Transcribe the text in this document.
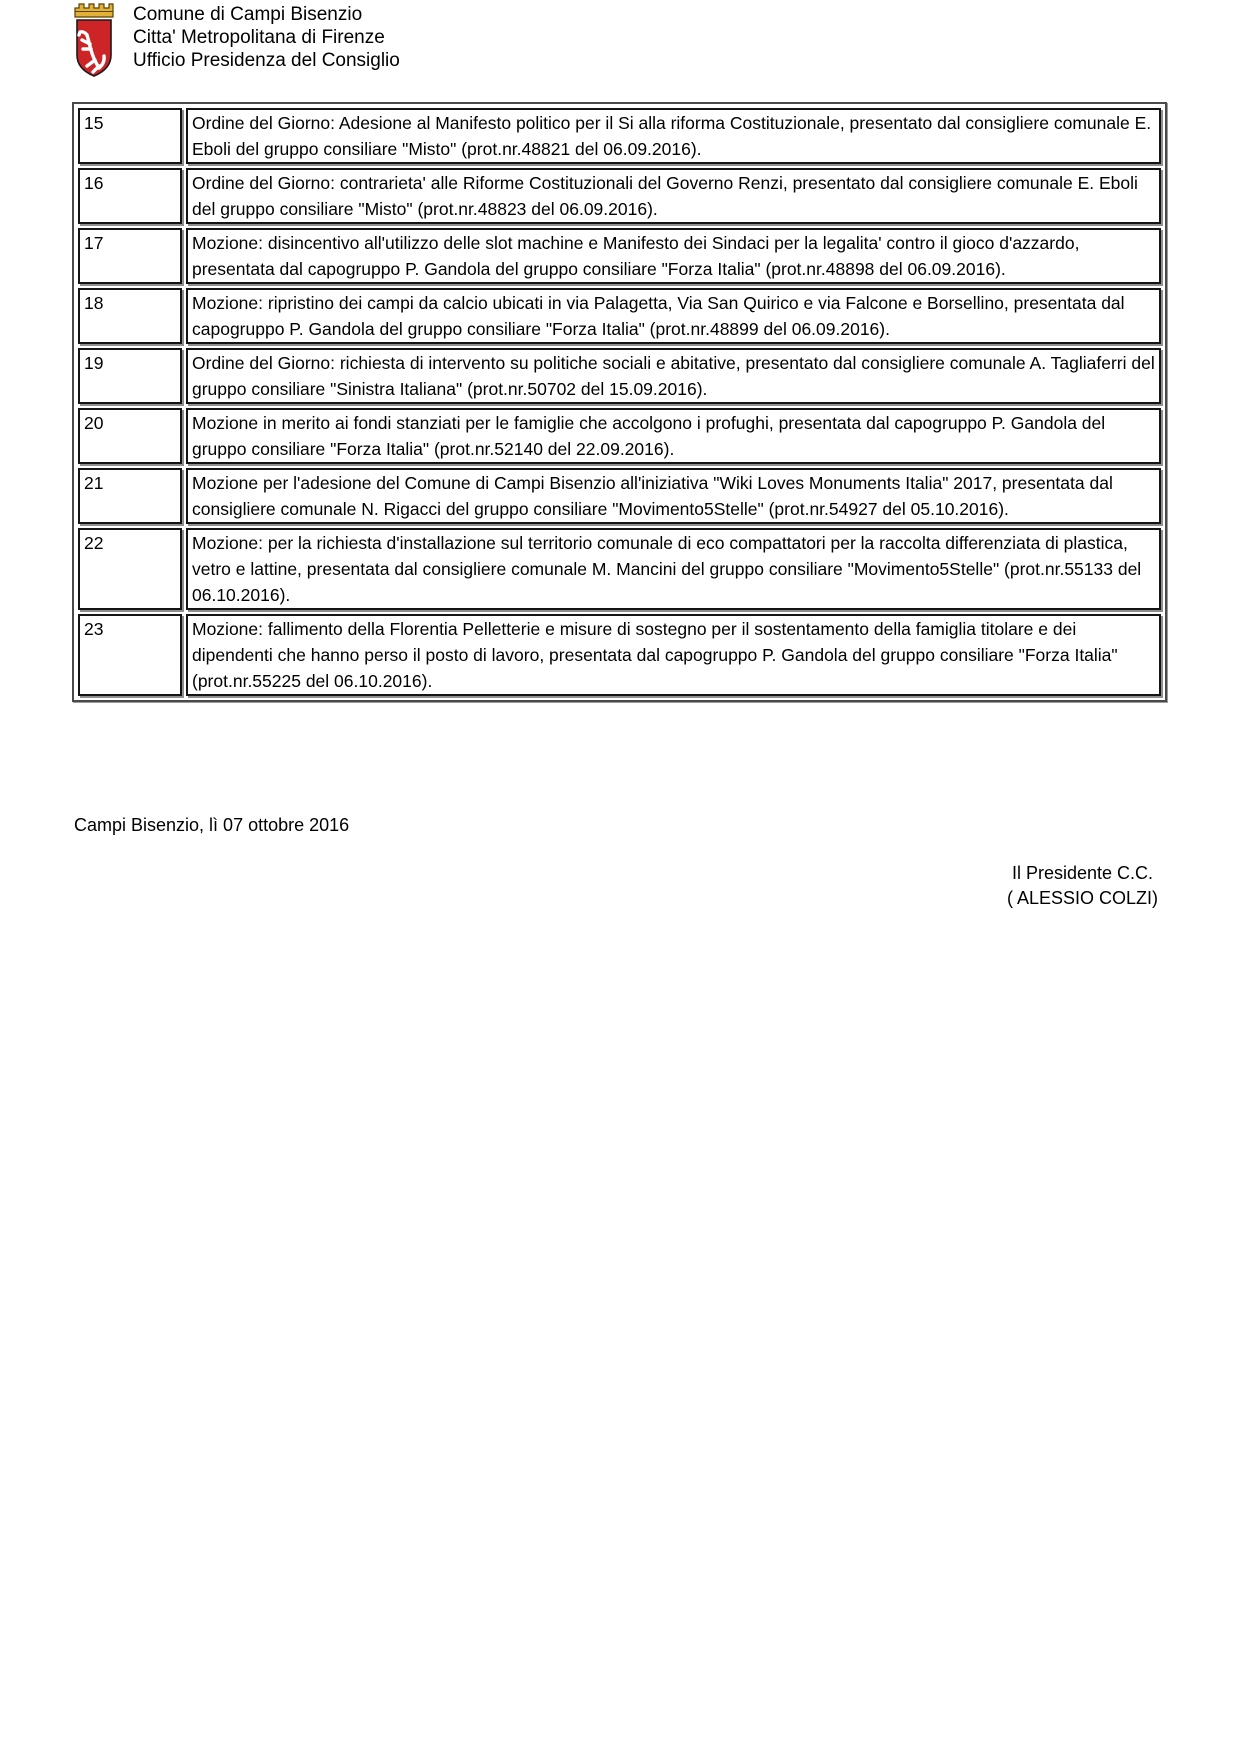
Comune di Campi Bisenzio
Citta' Metropolitana di Firenze
Ufficio Presidenza del Consiglio
15	Ordine del Giorno: Adesione al Manifesto politico per il Si alla riforma Costituzionale, presentato dal consigliere comunale E. Eboli del gruppo consiliare "Misto" (prot.nr.48821 del 06.09.2016).
16	Ordine del Giorno: contrarieta' alle Riforme Costituzionali del Governo Renzi, presentato dal consigliere comunale E. Eboli del gruppo consiliare "Misto" (prot.nr.48823 del 06.09.2016).
17	Mozione: disincentivo all'utilizzo delle slot machine e Manifesto dei Sindaci per la legalita' contro il gioco d'azzardo, presentata dal capogruppo P. Gandola del gruppo consiliare "Forza Italia" (prot.nr.48898 del 06.09.2016).
18	Mozione: ripristino dei campi da calcio ubicati in via Palagetta, Via San Quirico e via Falcone e Borsellino, presentata dal capogruppo P. Gandola del gruppo consiliare "Forza Italia" (prot.nr.48899 del 06.09.2016).
19	Ordine del Giorno: richiesta di intervento su politiche sociali e abitative, presentato dal consigliere comunale A. Tagliaferri del gruppo consiliare "Sinistra Italiana" (prot.nr.50702 del 15.09.2016).
20	Mozione in merito ai fondi stanziati per le famiglie che accolgono i profughi, presentata dal capogruppo P. Gandola del gruppo consiliare "Forza Italia" (prot.nr.52140 del 22.09.2016).
21	Mozione per l'adesione del Comune di Campi Bisenzio all'iniziativa "Wiki Loves Monuments Italia" 2017, presentata dal consigliere comunale N. Rigacci del gruppo consiliare "Movimento5Stelle" (prot.nr.54927 del 05.10.2016).
22	Mozione: per la richiesta d'installazione sul territorio comunale di eco compattatori per la raccolta differenziata di plastica, vetro e lattine, presentata dal consigliere comunale M. Mancini del gruppo consiliare "Movimento5Stelle" (prot.nr.55133 del 06.10.2016).
23	Mozione: fallimento della Florentia Pelletterie e misure di sostegno per il sostentamento della famiglia titolare e dei dipendenti che hanno perso il posto di lavoro, presentata dal capogruppo P. Gandola del gruppo consiliare "Forza Italia" (prot.nr.55225 del 06.10.2016).
Campi Bisenzio, lì 07 ottobre 2016
Il Presidente C.C.
( ALESSIO COLZI)
